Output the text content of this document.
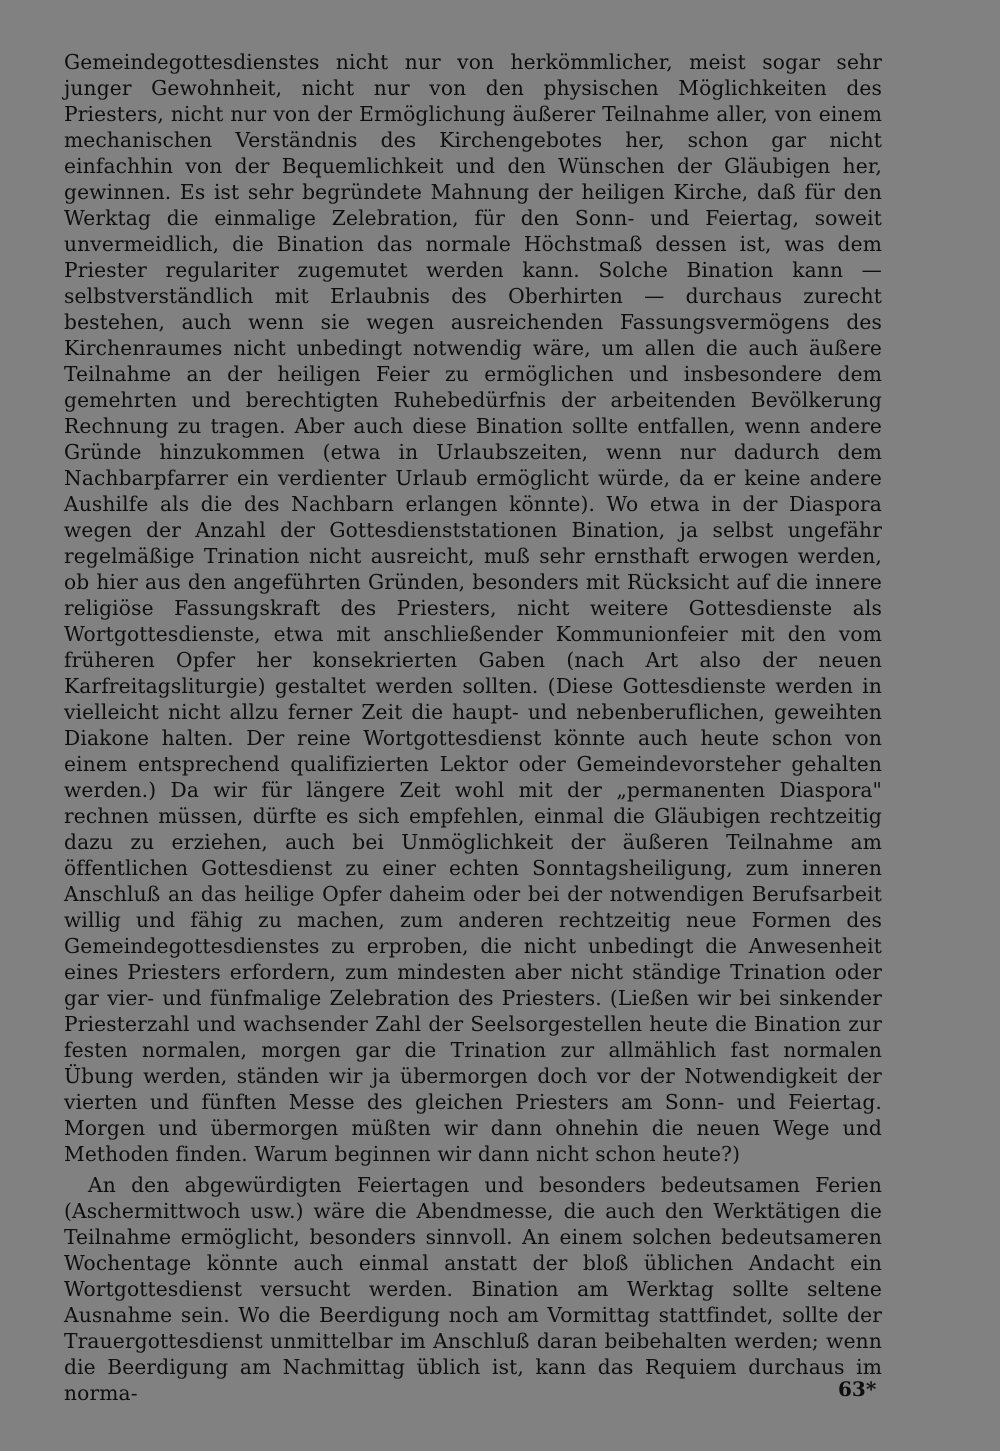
Gemeindegottesdienstes nicht nur von herkömmlicher, meist sogar sehr junger Gewohnheit, nicht nur von den physischen Möglichkeiten des Priesters, nicht nur von der Ermöglichung äußerer Teilnahme aller, von einem mechanischen Verständnis des Kirchengebotes her, schon gar nicht einfachhin von der Bequemlichkeit und den Wünschen der Gläubigen her, gewinnen. Es ist sehr begründete Mahnung der heiligen Kirche, daß für den Werktag die einmalige Zelebration, für den Sonn- und Feiertag, soweit unvermeidlich, die Bination das normale Höchstmaß dessen ist, was dem Priester regulariter zugemutet werden kann. Solche Bination kann — selbstverständlich mit Erlaubnis des Oberhirten — durchaus zurecht bestehen, auch wenn sie wegen ausreichenden Fassungsvermögens des Kirchenraumes nicht unbedingt notwendig wäre, um allen die auch äußere Teilnahme an der heiligen Feier zu ermöglichen und insbesondere dem gemehrten und berechtigten Ruhebedürfnis der arbeitenden Bevölkerung Rechnung zu tragen. Aber auch diese Bination sollte entfallen, wenn andere Gründe hinzukommen (etwa in Urlaubszeiten, wenn nur dadurch dem Nachbarpfarrer ein verdienter Urlaub ermöglicht würde, da er keine andere Aushilfe als die des Nachbarn erlangen könnte). Wo etwa in der Diaspora wegen der Anzahl der Gottesdienststationen Bination, ja selbst ungefähr regelmäßige Trination nicht ausreicht, muß sehr ernsthaft erwogen werden, ob hier aus den angeführten Gründen, besonders mit Rücksicht auf die innere religiöse Fassungskraft des Priesters, nicht weitere Gottesdienste als Wortgottesdienste, etwa mit anschließender Kommunionfeier mit den vom früheren Opfer her konsekrierten Gaben (nach Art also der neuen Karfreitagsliturgie) gestaltet werden sollten. (Diese Gottesdienste werden in vielleicht nicht allzu ferner Zeit die haupt- und nebenberuflichen, geweihten Diakone halten. Der reine Wortgottesdienst könnte auch heute schon von einem entsprechend qualifizierten Lektor oder Gemeindevorsteher gehalten werden.) Da wir für längere Zeit wohl mit der „permanenten Diaspora" rechnen müssen, dürfte es sich empfehlen, einmal die Gläubigen rechtzeitig dazu zu erziehen, auch bei Unmöglichkeit der äußeren Teilnahme am öffentlichen Gottesdienst zu einer echten Sonntagsheiligung, zum inneren Anschluß an das heilige Opfer daheim oder bei der notwendigen Berufsarbeit willig und fähig zu machen, zum anderen rechtzeitig neue Formen des Gemeindegottesdienstes zu erproben, die nicht unbedingt die Anwesenheit eines Priesters erfordern, zum mindesten aber nicht ständige Trination oder gar vier- und fünfmalige Zelebration des Priesters. (Ließen wir bei sinkender Priesterzahl und wachsender Zahl der Seelsorgestellen heute die Bination zur festen normalen, morgen gar die Trination zur allmählich fast normalen Übung werden, ständen wir ja übermorgen doch vor der Notwendigkeit der vierten und fünften Messe des gleichen Priesters am Sonn- und Feiertag. Morgen und übermorgen müßten wir dann ohnehin die neuen Wege und Methoden finden. Warum beginnen wir dann nicht schon heute?)

An den abgewürdigten Feiertagen und besonders bedeutsamen Ferien (Aschermittwoch usw.) wäre die Abendmesse, die auch den Werktätigen die Teilnahme ermöglicht, besonders sinnvoll. An einem solchen bedeutsameren Wochentage könnte auch einmal anstatt der bloß üblichen Andacht ein Wortgottesdienst versucht werden. Bination am Werktag sollte seltene Ausnahme sein. Wo die Beerdigung noch am Vormittag stattfindet, sollte der Trauergottesdienst unmittelbar im Anschluß daran beibehalten werden; wenn die Beerdigung am Nachmittag üblich ist, kann das Requiem durchaus im norma-	63*
